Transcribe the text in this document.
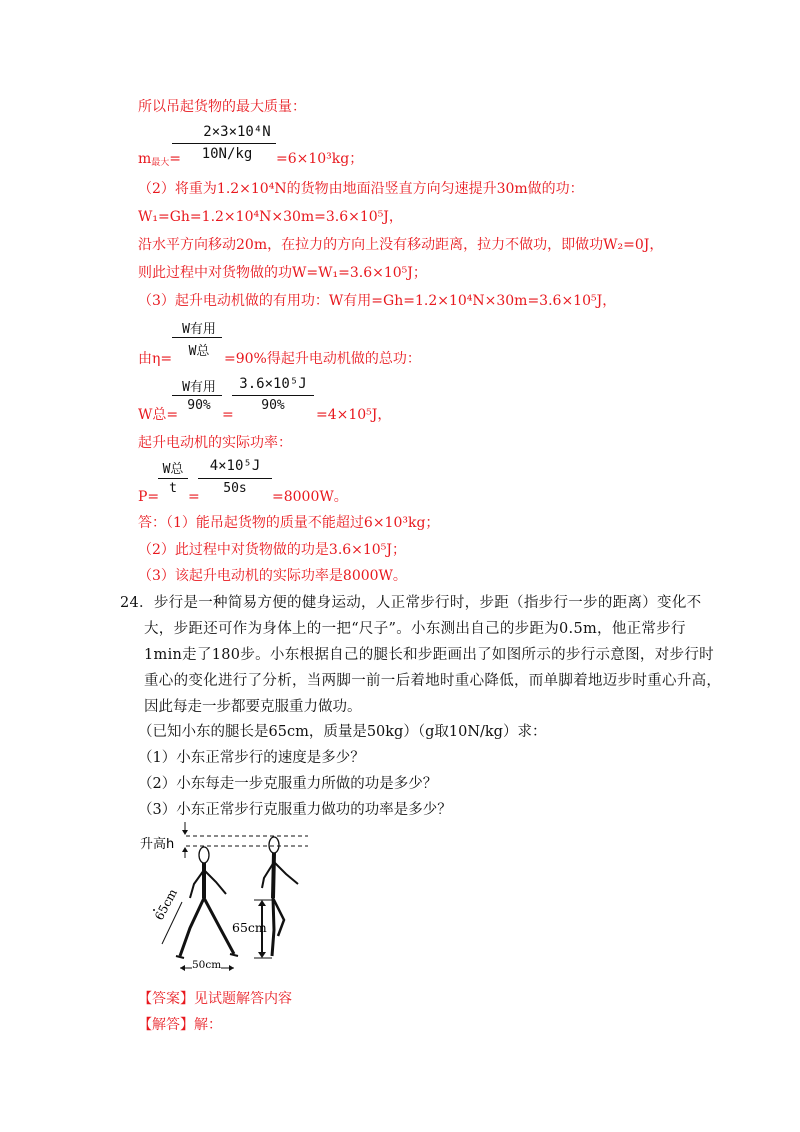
所以吊起货物的最大质量：
2×3×10⁴N
10N/kg
$m_{最大}=$	=6×10³kg；
（2）将重为1.2×10⁴N的货物由地面沿竖直方向匀速提升30m做的功：
W₁=Gh=1.2×10⁴N×30m=3.6×10⁵J，
沿水平方向移动20m，在拉力的方向上没有移动距离，拉力不做功，即做功W₂=0J，
则此过程中对货物做的功W=W₁=3.6×10⁵J；
（3）起升电动机做的有用功：W有用=Gh=1.2×10⁴N×30m=3.6×10⁵J，
W有用
W总
由η=	=90%得起升电动机做的总功：
W有用
90%
3.6×10⁵J
90%
W总=	=	=4×10⁵J，
起升电动机的实际功率：
W总
t
4×10⁵J
50s
P= =	=8000W。
答：（1）能吊起货物的质量不能超过6×10³kg；
（2）此过程中对货物做的功是3.6×10⁵J；
（3）该起升电动机的实际功率是8000W。
24．步行是一种简易方便的健身运动，人正常步行时，步距（指步行一步的距离）变化不
大，步距还可作为身体上的一把“尺子”。小东测出自己的步距为0.5m，他正常步行
1min走了180步。小东根据自己的腿长和步距画出了如图所示的步行示意图，对步行时
重心的变化进行了分析，当两脚一前一后着地时重心降低，而单脚着地迈步时重心升高，
因此每走一步都要克服重力做功。
（已知小东的腿长是65cm，质量是50kg）（g取10N/kg）求：
（1）小东正常步行的速度是多少？
（2）小东每走一步克服重力所做的功是多少？
（3）小东正常步行克服重力做功的功率是多少？
升高h
65cm
65cm
50cm
【答案】见试题解答内容
【解答】解：
